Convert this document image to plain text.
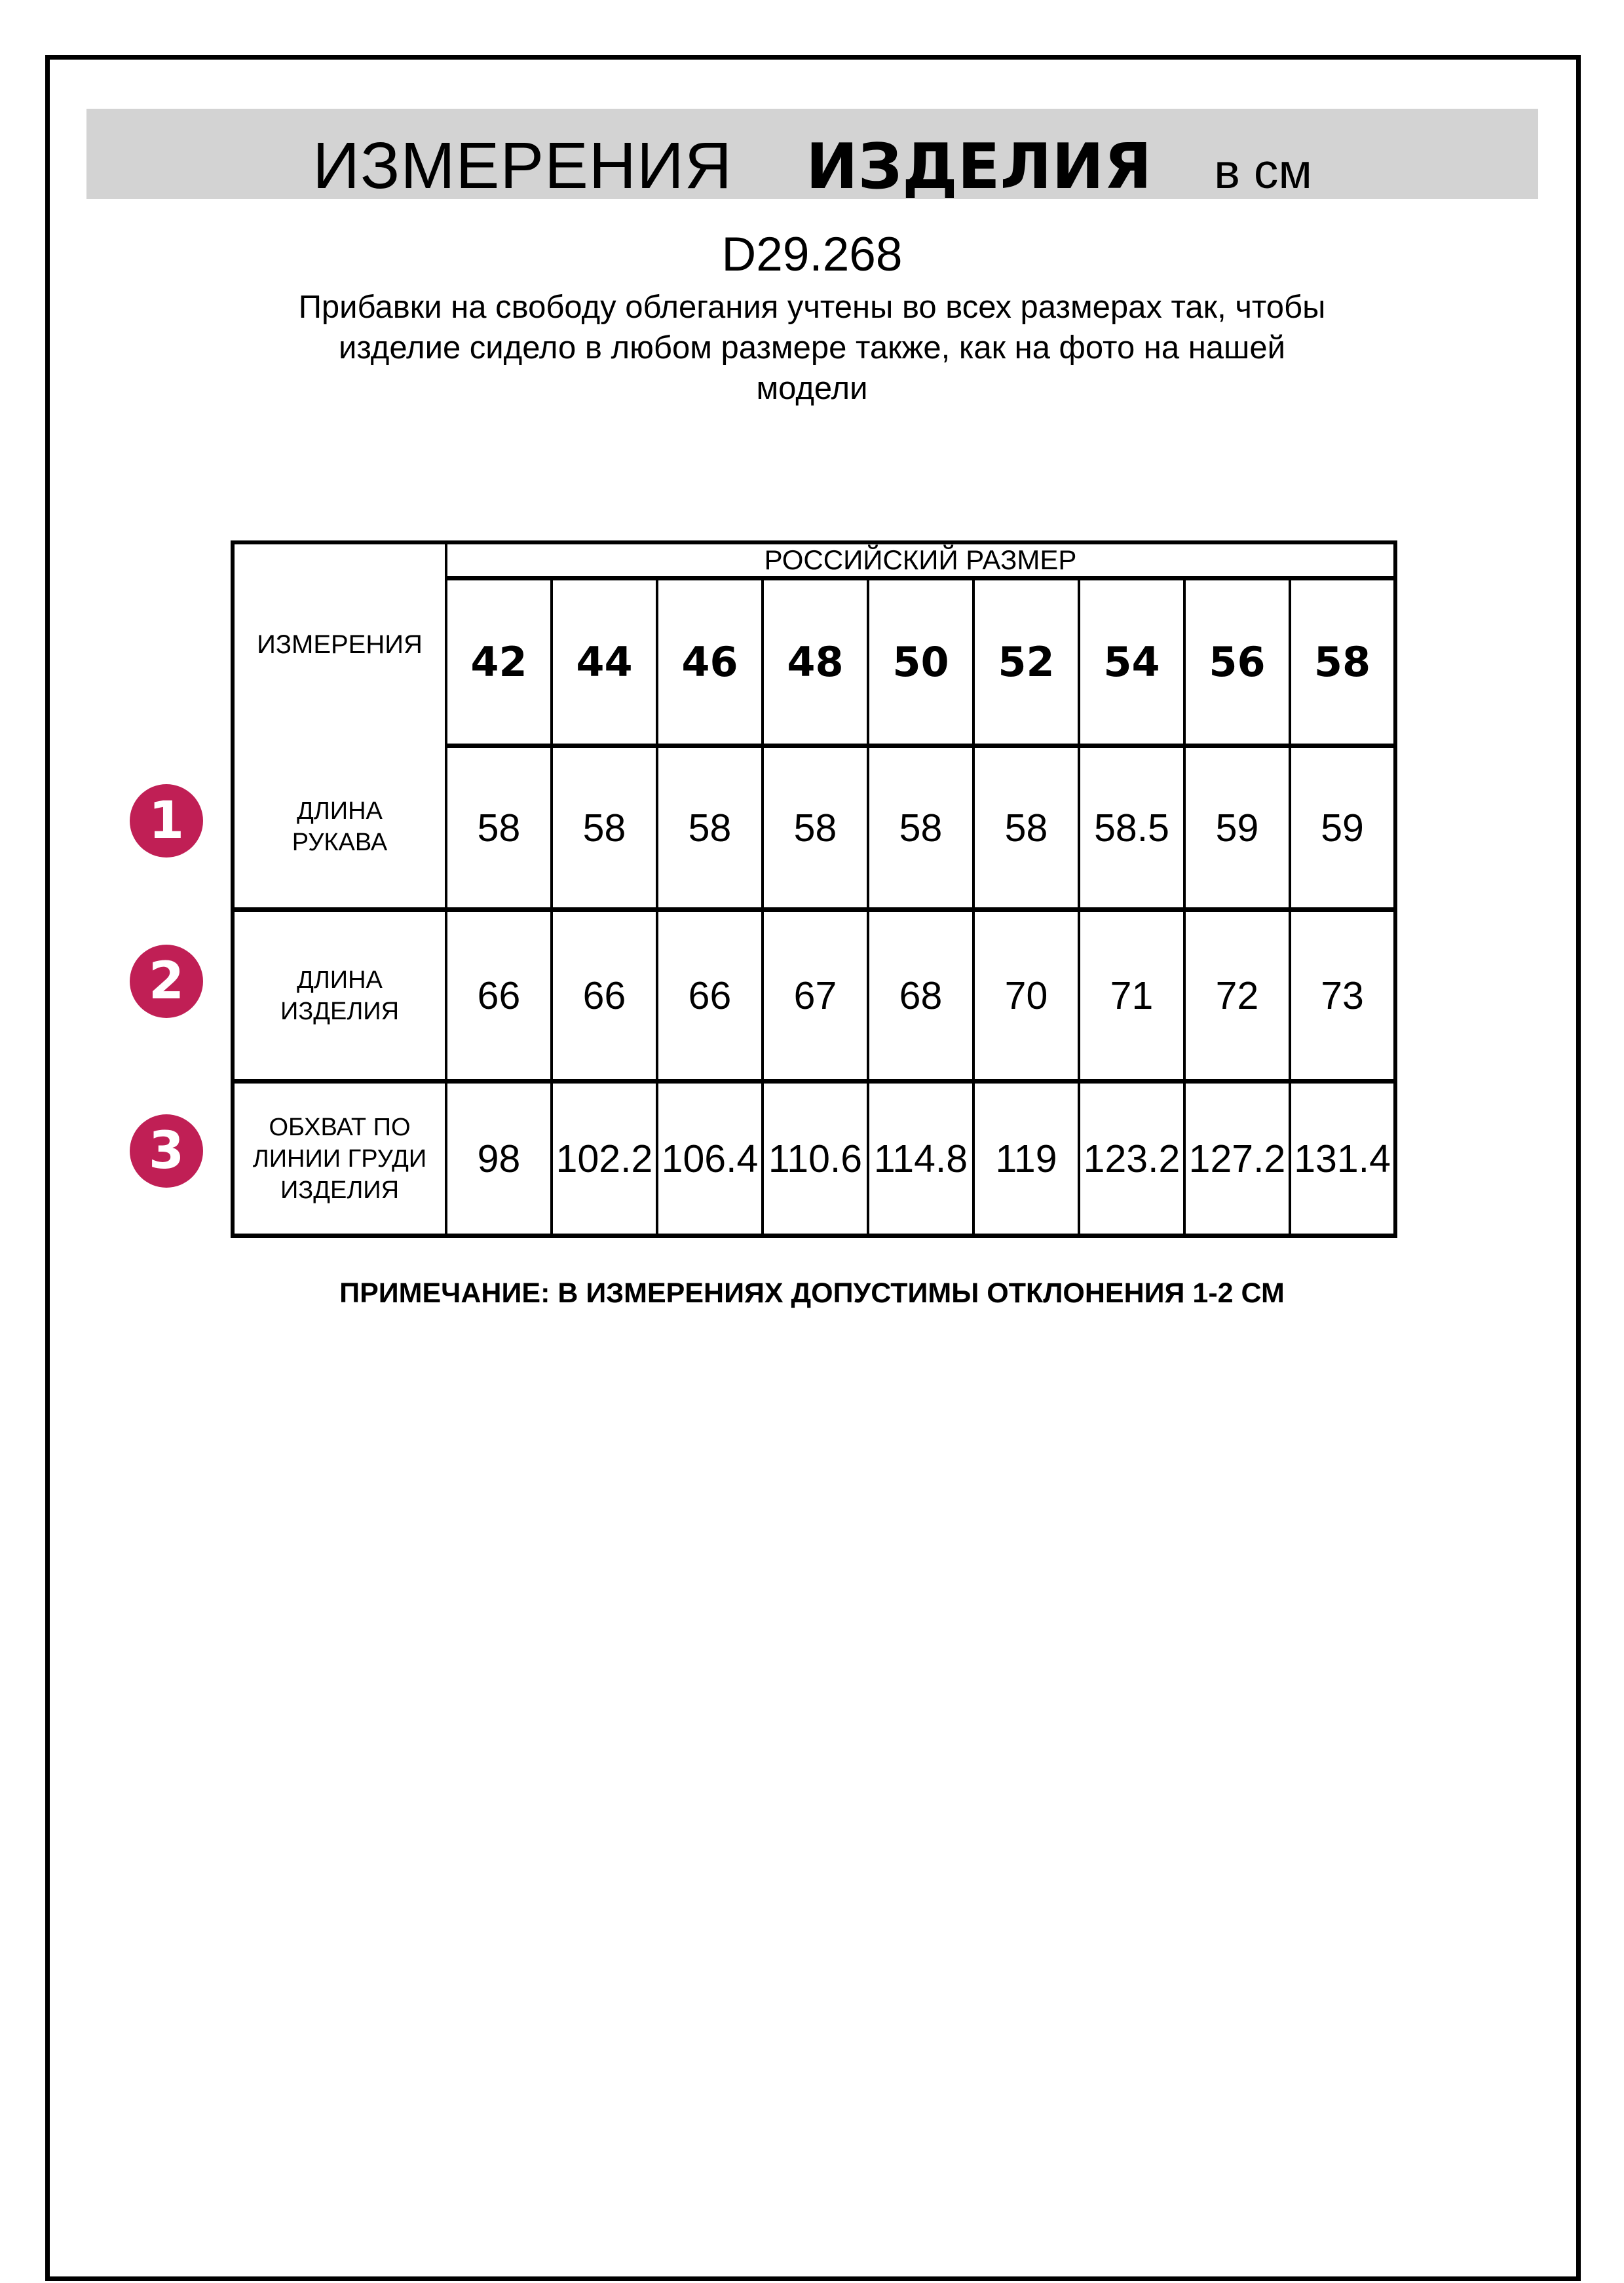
ИЗМЕРЕНИЯ ИЗДЕЛИЯ в см
D29.268
Прибавки на свободу облегания учтены во всех размерах так, чтобы
изделие сидело в любом размере также, как на фото на нашей
модели
ИЗМЕРЕНИЯ	РОССИЙСКИЙ РАЗМЕР								
	42	44	46	48	50	52	54	56	58

ДЛИНА
РУКАВА	58	58	58	58	58	58	58.5	59	59

ДЛИНА
ИЗДЕЛИЯ	66	66	66	67	68	70	71	72	73

ОБХВАТ ПО
ЛИНИИ ГРУДИ
ИЗДЕЛИЯ	98	102.2	106.4	110.6	114.8	119	123.2	127.2	131.4
1
2
3
ПРИМЕЧАНИЕ: В ИЗМЕРЕНИЯХ ДОПУСТИМЫ ОТКЛОНЕНИЯ 1-2 СМ
